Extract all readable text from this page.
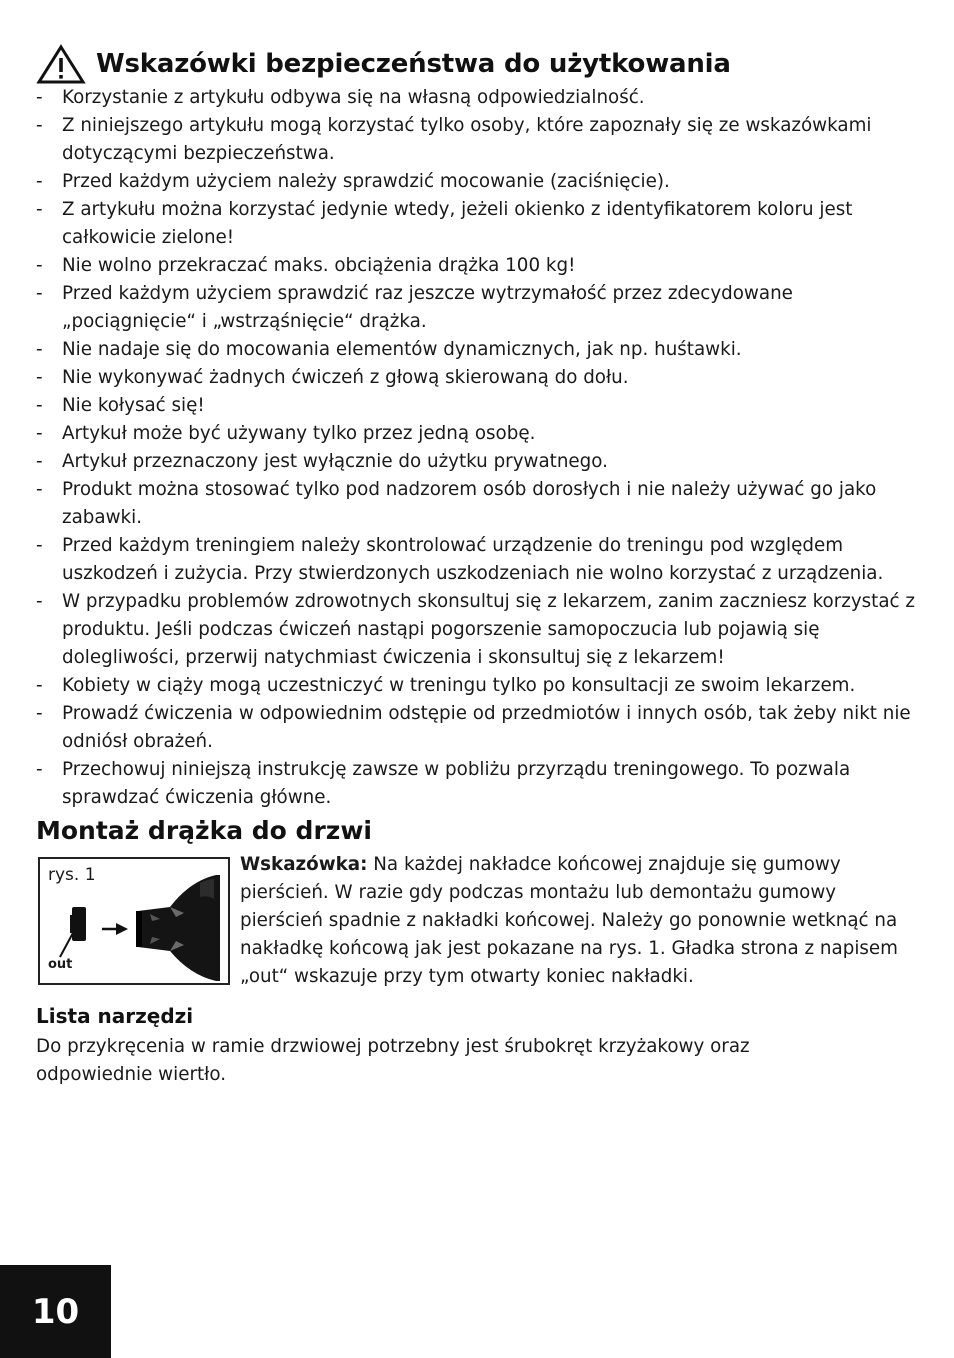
Wskazówki bezpieczeństwa do użytkowania
- Korzystanie z artykułu odbywa się na własną odpowiedzialność.
- Z niniejszego artykułu mogą korzystać tylko osoby, które zapoznały się ze wskazówkami dotyczącymi bezpieczeństwa.
- Przed każdym użyciem należy sprawdzić mocowanie (zaciśnięcie).
- Z artykułu można korzystać jedynie wtedy, jeżeli okienko z identyfikatorem koloru jest całkowicie zielone!
- Nie wolno przekraczać maks. obciążenia drążka 100 kg!
- Przed każdym użyciem sprawdzić raz jeszcze wytrzymałość przez zdecydowane „pociągnięcie“ i „wstrząśnięcie“ drążka.
- Nie nadaje się do mocowania elementów dynamicznych, jak np. huśtawki.
- Nie wykonywać żadnych ćwiczeń z głową skierowaną do dołu.
- Nie kołysać się!
- Artykuł może być używany tylko przez jedną osobę.
- Artykuł przeznaczony jest wyłącznie do użytku prywatnego.
- Produkt można stosować tylko pod nadzorem osób dorosłych i nie należy używać go jako zabawki.
- Przed każdym treningiem należy skontrolować urządzenie do treningu pod względem uszkodzeń i zużycia. Przy stwierdzonych uszkodzeniach nie wolno korzystać z urządzenia.
- W przypadku problemów zdrowotnych skonsultuj się z lekarzem, zanim zaczniesz korzystać z produktu. Jeśli podczas ćwiczeń nastąpi pogorszenie samopoczucia lub pojawią się dolegliwości, przerwij natychmiast ćwiczenia i skonsultuj się z lekarzem!
- Kobiety w ciąży mogą uczestniczyć w treningu tylko po konsultacji ze swoim lekarzem.
- Prowadź ćwiczenia w odpowiednim odstępie od przedmiotów i innych osób, tak żeby nikt nie odniósł obrażeń.
- Przechowuj niniejszą instrukcję zawsze w pobliżu przyrządu treningowego. To pozwala sprawdzać ćwiczenia główne.
Montaż drążka do drzwi
rys. 1
out

Wskazówka: Na każdej nakładce końcowej znajduje się gumowy pierścień. W razie gdy podczas montażu lub demontażu gumowy pierścień spadnie z nakładki końcowej. Należy go ponownie wetknąć na nakładkę końcową jak jest pokazane na rys. 1. Gładka strona z napisem „out“ wskazuje przy tym otwarty koniec nakładki.

Lista narzędzi

Do przykręcenia w ramie drzwiowej potrzebny jest śrubokręt krzyżakowy oraz odpowiednie wiertło.

10
